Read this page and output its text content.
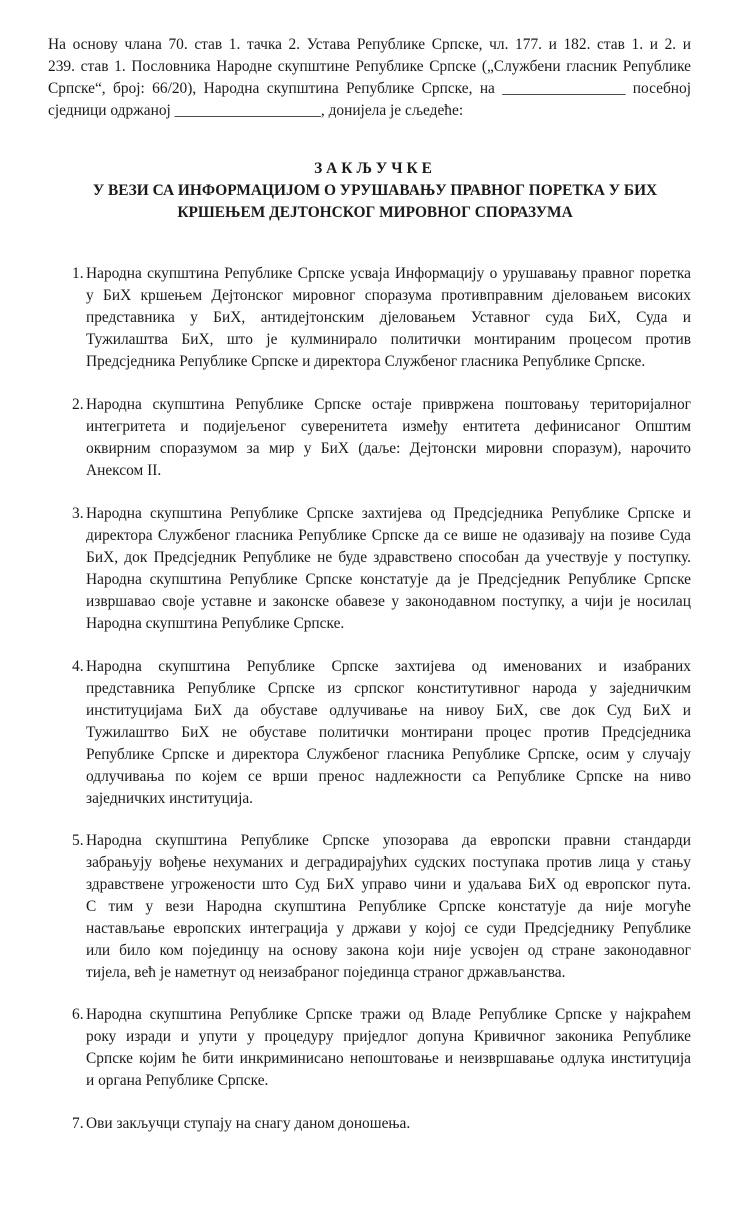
На основу члана 70. став 1. тачка 2. Устава Републике Српске, чл. 177. и 182. став 1. и 2. и
239. став 1. Пословника Народне скупштине Републике Српске („Службени гласник Републике
Српске“, број: 66/20), Народна скупштина Републике Српске, на ________________ посебној
сједници одржаној ___________________, донијела је сљедеће:
ЗАКЉУЧКЕ
У ВЕЗИ СА ИНФОРМАЦИЈОМ О УРУШАВАЊУ ПРАВНОГ ПОРЕТКА У БИХ
КРШЕЊЕМ ДЕЈТОНСКОГ МИРОВНОГ СПОРАЗУМА
1. Народна скупштина Републике Српске усваја Информацију о урушавању правног поретка
у БиХ кршењем Дејтонског мировног споразума противправним дјеловањем високих
представника у БиХ, антидејтонским дјеловањем Уставног суда БиХ, Суда и
Тужилаштва БиХ, што је кулминирало политички монтираним процесом против
Предсједника Републике Српске и директора Службеног гласника Републике Српске.
2. Народна скупштина Републике Српске остаје привржена поштовању територијалног
интегритета и подијељеног суверенитета између ентитета дефинисаног Општим
оквирним споразумом за мир у БиХ (даље: Дејтонски мировни споразум), нарочито
Анексом II.
3. Народна скупштина Републике Српске захтијева од Предсједника Републике Српске и
директора Службеног гласника Републике Српске да се више не одазивају на позиве Суда
БиХ, док Предсједник Републике не буде здравствено способан да учествује у поступку.
Народна скупштина Републике Српске констатује да је Предсједник Републике Српске
извршавао своје уставне и законске обавезе у законодавном поступку, а чији је носилац
Народна скупштина Републике Српске.
4. Народна скупштина Републике Српске захтијева од именованих и изабраних
представника Републике Српске из српског конститутивног народа у заједничким
институцијама БиХ да обуставе одлучивање на нивоу БиХ, све док Суд БиХ и
Тужилаштво БиХ не обуставе политички монтирани процес против Предсједника
Републике Српске и директора Службеног гласника Републике Српске, осим у случају
одлучивања по којем се врши пренос надлежности са Републике Српске на ниво
заједничких институција.
5. Народна скупштина Републике Српске упозорава да европски правни стандарди
забрањују вођење нехуманих и деградирајућих судских поступака против лица у стању
здравствене угрожености што Суд БиХ управо чини и удаљава БиХ од европског пута.
С тим у вези Народна скупштина Републике Српске констатује да није могуће
настављање европских интеграција у држави у којој се суди Предсједнику Републике
или било ком појединцу на основу закона који није усвојен од стране законодавног
тијела, већ је наметнут од неизабраног појединца страног држављанства.
6. Народна скупштина Републике Српске тражи од Владе Републике Српске у најкраћем
року изради и упути у процедуру приједлог допуна Кривичног законика Републике
Српске којим ће бити инкриминисано непоштовање и неизвршавање одлука институција
и органа Републике Српске.
7. Ови закључци ступају на снагу даном доношења.
